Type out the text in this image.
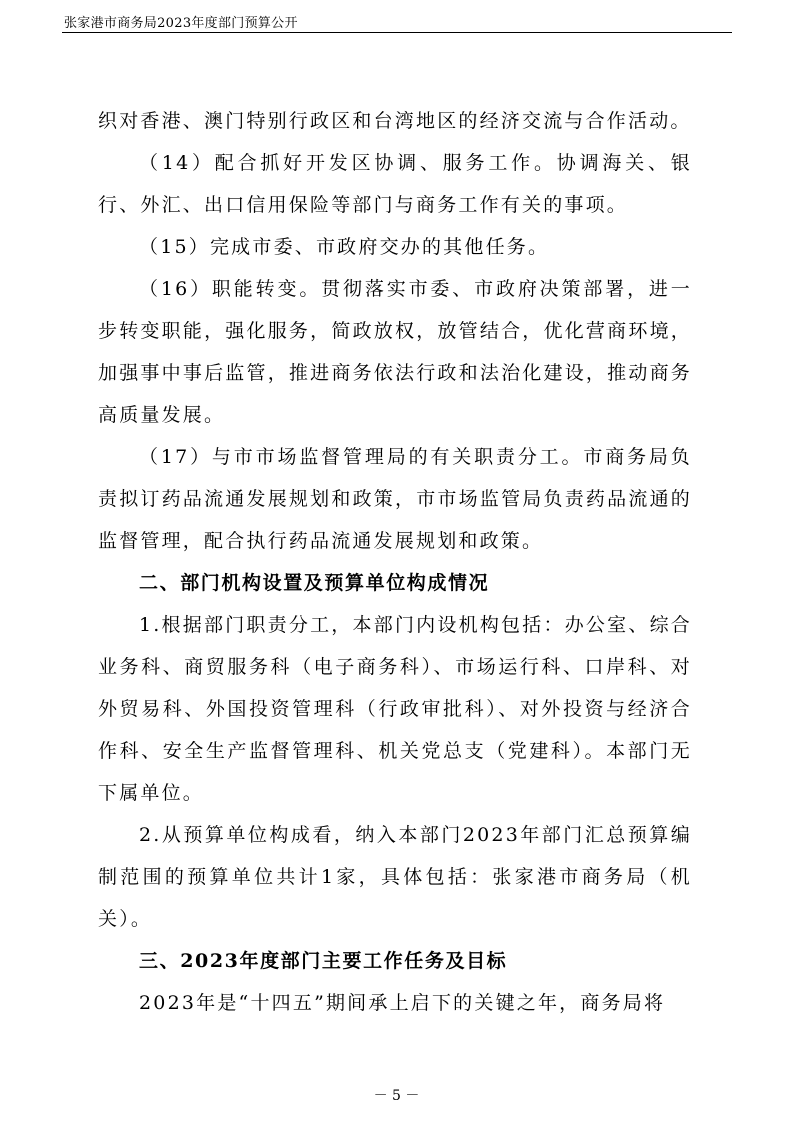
张家港市商务局2023年度部门预算公开

织对香港、澳门特别行政区和台湾地区的经济交流与合作活动。

（14）配合抓好开发区协调、服务工作。协调海关、银行、外汇、出口信用保险等部门与商务工作有关的事项。

（15）完成市委、市政府交办的其他任务。

（16）职能转变。贯彻落实市委、市政府决策部署，进一步转变职能，强化服务，简政放权，放管结合，优化营商环境，加强事中事后监管，推进商务依法行政和法治化建设，推动商务高质量发展。

（17）与市市场监督管理局的有关职责分工。市商务局负责拟订药品流通发展规划和政策，市市场监管局负责药品流通的监督管理，配合执行药品流通发展规划和政策。

二、部门机构设置及预算单位构成情况

1.根据部门职责分工，本部门内设机构包括：办公室、综合业务科、商贸服务科（电子商务科）、市场运行科、口岸科、对外贸易科、外国投资管理科（行政审批科）、对外投资与经济合作科、安全生产监督管理科、机关党总支（党建科）。本部门无下属单位。

2.从预算单位构成看，纳入本部门2023年部门汇总预算编制范围的预算单位共计1家，具体包括：张家港市商务局（机关）。

三、2023年度部门主要工作任务及目标

2023年是“十四五”期间承上启下的关键之年，商务局将

－ 5 －
